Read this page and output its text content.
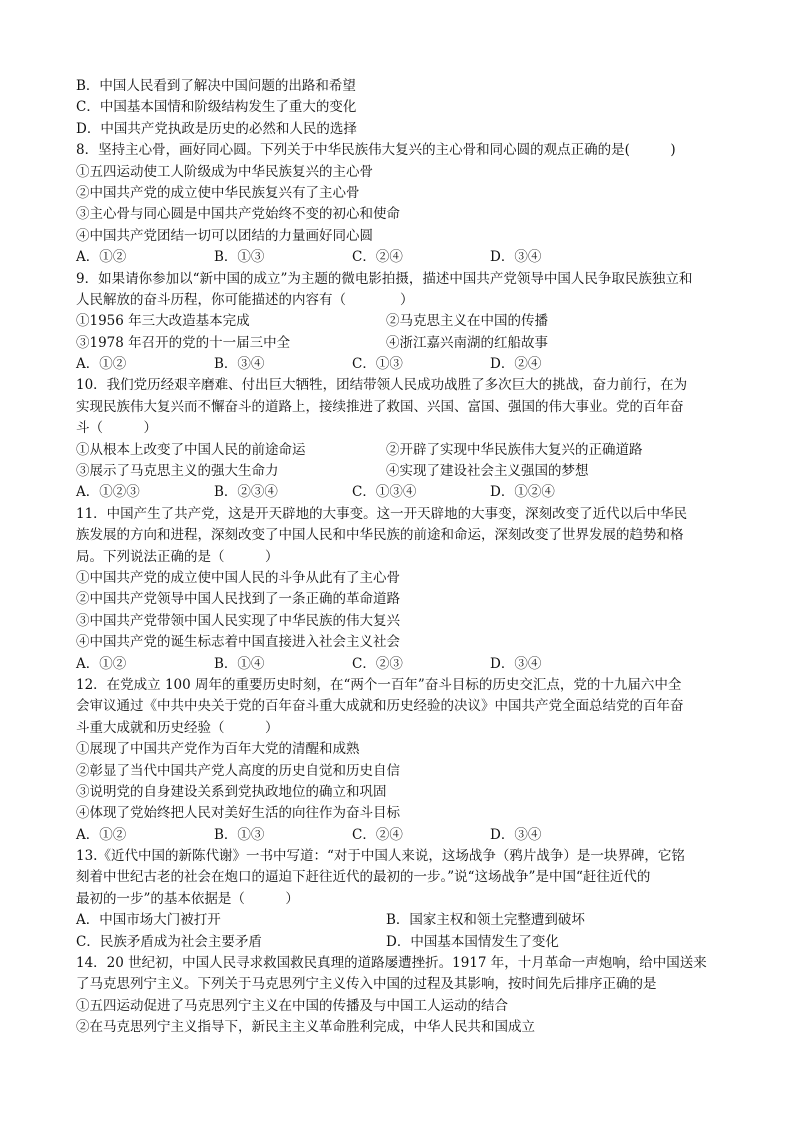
B．中国人民看到了解决中国问题的出路和希望
C．中国基本国情和阶级结构发生了重大的变化
D．中国共产党执政是历史的必然和人民的选择
8．坚持主心骨，画好同心圆。下列关于中华民族伟大复兴的主心骨和同心圆的观点正确的是(　　　)
①五四运动使工人阶级成为中华民族复兴的主心骨
②中国共产党的成立使中华民族复兴有了主心骨
③主心骨与同心圆是中国共产党始终不变的初心和使命
④中国共产党团结一切可以团结的力量画好同心圆
A．①②	B．①③	C．②④	D．③④
9．如果请你参加以“新中国的成立”为主题的微电影拍摄，描述中国共产党领导中国人民争取民族独立和
人民解放的奋斗历程，你可能描述的内容有（　　　　）
①1956 年三大改造基本完成	②马克思主义在中国的传播
③1978 年召开的党的十一届三中全	④浙江嘉兴南湖的红船故事
A．①②	B．③④	C．①③	D．②④
10．我们党历经艰辛磨难、付出巨大牺牲，团结带领人民成功战胜了多次巨大的挑战，奋力前行，在为
实现民族伟大复兴而不懈奋斗的道路上，接续推进了救国、兴国、富国、强国的伟大事业。党的百年奋
斗（　　　）
①从根本上改变了中国人民的前途命运	②开辟了实现中华民族伟大复兴的正确道路
③展示了马克思主义的强大生命力	④实现了建设社会主义强国的梦想
A．①②③	B．②③④	C．①③④	D．①②④
11．中国产生了共产党，这是开天辟地的大事变。这一开天辟地的大事变，深刻改变了近代以后中华民
族发展的方向和进程，深刻改变了中国人民和中华民族的前途和命运，深刻改变了世界发展的趋势和格
局。下列说法正确的是（　　　）
①中国共产党的成立使中国人民的斗争从此有了主心骨
②中国共产党领导中国人民找到了一条正确的革命道路
③中国共产党带领中国人民实现了中华民族的伟大复兴
④中国共产党的诞生标志着中国直接进入社会主义社会
A．①②	B．①④	C．②③	D．③④
12．在党成立 100 周年的重要历史时刻，在“两个一百年”奋斗目标的历史交汇点，党的十九届六中全
会审议通过《中共中央关于党的百年奋斗重大成就和历史经验的决议》中国共产党全面总结党的百年奋
斗重大成就和历史经验（　　　）
①展现了中国共产党作为百年大党的清醒和成熟
②彰显了当代中国共产党人高度的历史自觉和历史自信
③说明党的自身建设关系到党执政地位的确立和巩固
④体现了党始终把人民对美好生活的向往作为奋斗目标
A．①②	B．①③	C．②④	D．③④
13.《近代中国的新陈代谢》一书中写道：“对于中国人来说，这场战争（鸦片战争）是一块界碑，它铭
刻着中世纪古老的社会在炮口的逼迫下赶往近代的最初的一步。”说“这场战争”是中国“赶往近代的
最初的一步”的基本依据是（　　　）
A．中国市场大门被打开	B．国家主权和领土完整遭到破坏
C．民族矛盾成为社会主要矛盾	D．中国基本国情发生了变化
14．20 世纪初，中国人民寻求救国救民真理的道路屡遭挫折。1917 年，十月革命一声炮响，给中国送来
了马克思列宁主义。下列关于马克思列宁主义传入中国的过程及其影响，按时间先后排序正确的是
①五四运动促进了马克思列宁主义在中国的传播及与中国工人运动的结合
②在马克思列宁主义指导下，新民主主义革命胜利完成，中华人民共和国成立
